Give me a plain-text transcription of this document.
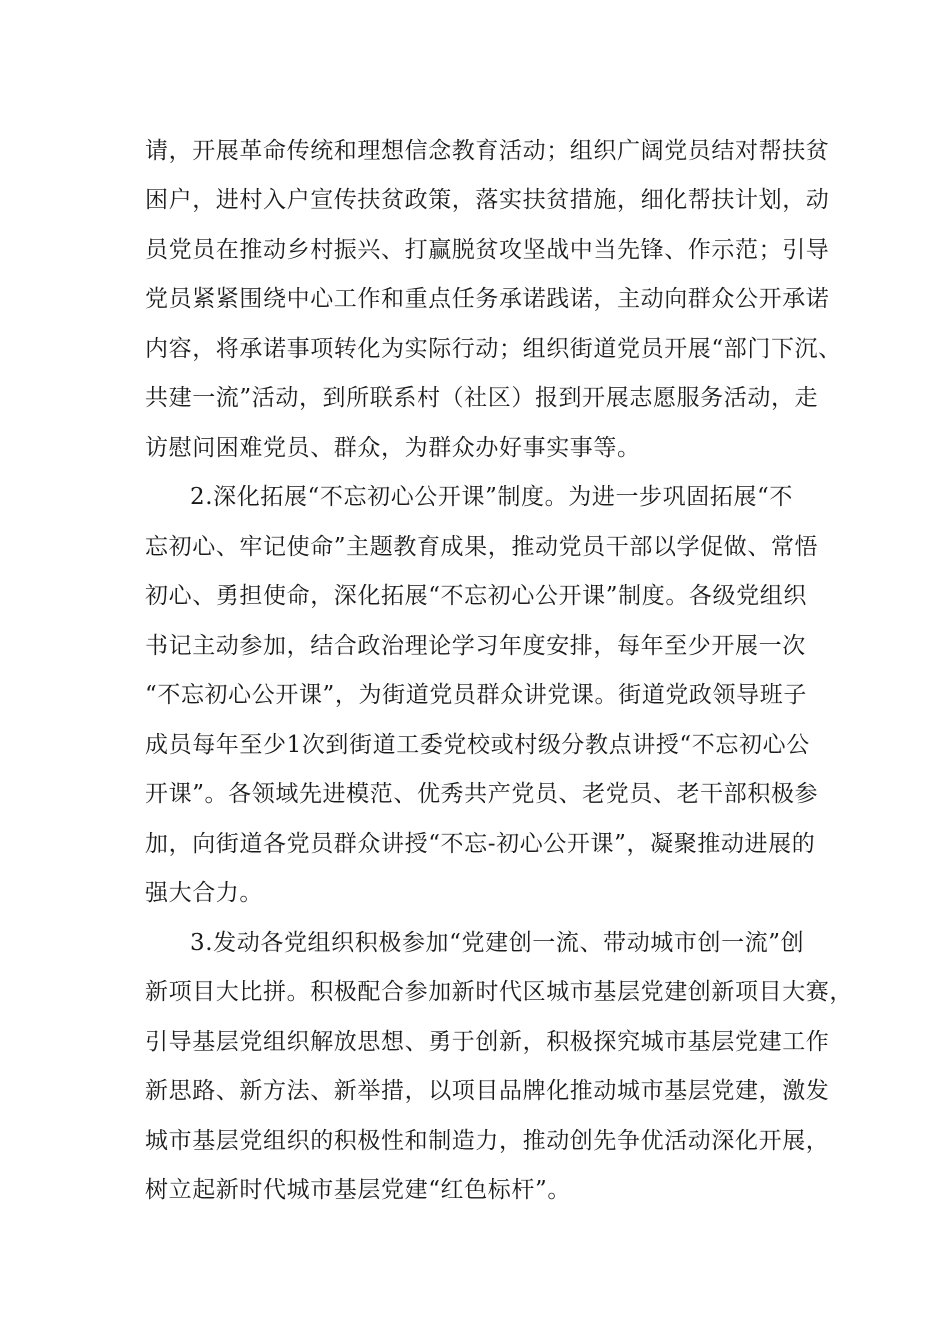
请，开展革命传统和理想信念教育活动；组织广阔党员结对帮扶贫
困户，进村入户宣传扶贫政策，落实扶贫措施，细化帮扶计划，动
员党员在推动乡村振兴、打赢脱贫攻坚战中当先锋、作示范；引导
党员紧紧围绕中心工作和重点任务承诺践诺，主动向群众公开承诺
内容，将承诺事项转化为实际行动；组织街道党员开展“部门下沉、
共建一流”活动，到所联系村（社区）报到开展志愿服务活动，走
访慰问困难党员、群众，为群众办好事实事等。
2.深化拓展“不忘初心公开课”制度。为进一步巩固拓展“不
忘初心、牢记使命”主题教育成果，推动党员干部以学促做、常悟
初心、勇担使命，深化拓展“不忘初心公开课”制度。各级党组织
书记主动参加，结合政治理论学习年度安排，每年至少开展一次
“不忘初心公开课”，为街道党员群众讲党课。街道党政领导班子
成员每年至少1次到街道工委党校或村级分教点讲授“不忘初心公
开课”。各领域先进模范、优秀共产党员、老党员、老干部积极参
加，向街道各党员群众讲授“不忘-初心公开课”，凝聚推动进展的
强大合力。
3.发动各党组织积极参加“党建创一流、带动城市创一流”创
新项目大比拼。积极配合参加新时代区城市基层党建创新项目大赛，
引导基层党组织解放思想、勇于创新，积极探究城市基层党建工作
新思路、新方法、新举措，以项目品牌化推动城市基层党建，激发
城市基层党组织的积极性和制造力，推动创先争优活动深化开展，
树立起新时代城市基层党建“红色标杆”。
